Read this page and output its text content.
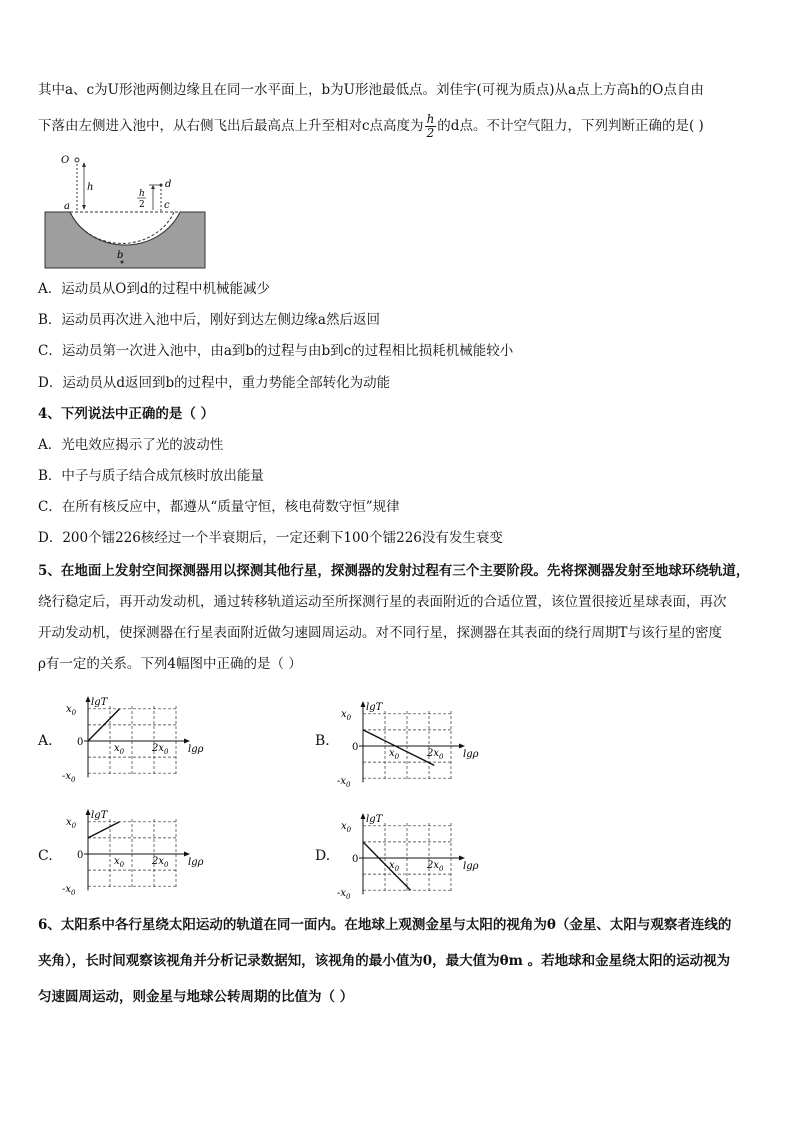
其中a、c为U形池两侧边缘且在同一水平面上，b为U形池最低点。刘佳宇(可视为质点)从a点上方高h的O点自由
下落由左侧进入池中，从右侧飞出后最高点上升至相对c点高度为 $\frac{h}{2}$ 的d点。不计空气阻力，下列判断正确的是( )
O
h
a
b
c
d
h
2
A．运动员从O到d的过程中机械能减少
B．运动员再次进入池中后，刚好到达左侧边缘a然后返回
C．运动员第一次进入池中，由a到b的过程与由b到c的过程相比损耗机械能较小
D．运动员从d返回到b的过程中，重力势能全部转化为动能
4、下列说法中正确的是（ ）
A．光电效应揭示了光的波动性
B．中子与质子结合成氘核时放出能量
C．在所有核反应中，都遵从“质量守恒，核电荷数守恒”规律
D．200个镭226核经过一个半衰期后，一定还剩下100个镭226没有发生衰变
5、在地面上发射空间探测器用以探测其他行星，探测器的发射过程有三个主要阶段。先将探测器发射至地球环绕轨道，
绕行稳定后，再开动发动机，通过转移轨道运动至所探测行星的表面附近的合适位置，该位置很接近星球表面，再次
开动发动机，使探测器在行星表面附近做匀速圆周运动。对不同行星，探测器在其表面的绕行周期T与该行星的密度
ρ有一定的关系。下列4幅图中正确的是（ ）
A.	B.
C.	D.
lgT
lgρ
0
$x_0$
$-x_0$
$x_0$	$2x_0$
lgT
lgρ
0
$x_0$
$-x_0$
$x_0$	$2x_0$
lgT
lgρ
0
$x_0$
$-x_0$
$x_0$	$2x_0$
lgT
lgρ
0
$x_0$
$-x_0$
$x_0$	$2x_0$
6、太阳系中各行星绕太阳运动的轨道在同一面内。在地球上观测金星与太阳的视角为θ（金星、太阳与观察者连线的
夹角），长时间观察该视角并分析记录数据知，该视角的最小值为0，最大值为θm 。若地球和金星绕太阳的运动视为
匀速圆周运动，则金星与地球公转周期的比值为（ ）
